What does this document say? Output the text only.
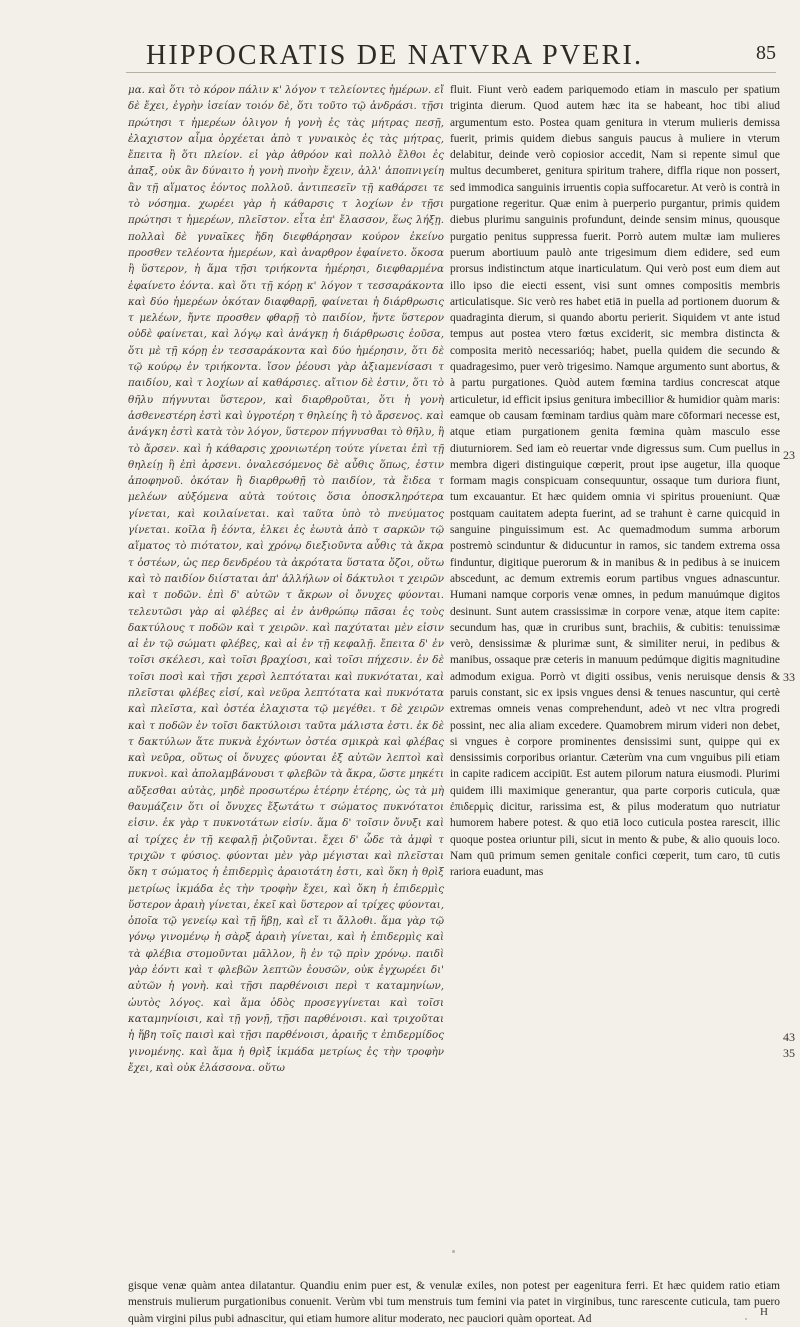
HIPPOCRATIS DE NATVRA PVERI.	85

μα. καὶ ὅτι τὸ κόρον πάλιν κ' λόγον τ τελείοντες ἡμέρων. εἴ δὲ ἔχει, ἐγρὴν ἱσείαν τοιόν δὲ, ὅτι τοῦτο τῷ ἀνδράσι. τῇσι πρώτησι τ ἡμερέων ὀλιγον ἡ γονὴ ἐς τὰς μήτρας πεσῇ, ἐλαχιστον αἷμα ὀρχέεται ἀπὸ τ γυναικὸς ἐς τὰς μήτρας, ἔπειτα ἢ ὅτι πλείον. εἰ γὰρ ἀθρόον καὶ πολλὸ ἔλθοι ἐς ἀπαξ, οὐκ ἂν δύναιτο ἡ γονὴ πνοὴν ἔχειν, ἀλλ' ἀποπνιγείη ἂν τῇ αἵματος ἐόντος πολλοῦ. ἀντιπεσεῖν τῇ καθάρσει τε τὸ νόσημα. χωρέει γὰρ ἡ κάθαρσις τ λοχίων ἐν τῇσι πρώτησι τ ἡμερέων, πλεῖστον. εἶτα ἐπ' ἔλασσον, ἕως λήξῃ. πολλαὶ δὲ γυναῖκες ἤδη διεφθάρησαν κούρον ἐκείνο προσθεν τελέοντα ἡμερέων, καὶ ἀναρθρον ἐφαίνετο. ὅκοσα ἢ ὕστερον, ἡ ἅμα τῇσι τριήκοντα ἡμέρησι, διεφθαρμένα ἐφαίνετο ἐόντα. καὶ ὅτι τῇ κόρῃ κ' λόγον τ τεσσαράκοντα καὶ δύο ἡμερέων ὁκόταν διαφθαρῇ, φαίνεται ἡ διάρθρωσις τ μελέων, ἤντε προσθεν φθαρῇ τὸ παιδίον, ἤντε ὕστερον οὐδὲ φαίνεται, καὶ λόγῳ καὶ ἀνάγκῃ ἡ διάρθρωσις ἐοῦσα, ὅτι μὲ τῇ κόρῃ ἐν τεσσαράκοντα καὶ δύο ἡμέρησιν, ὅτι δὲ τῷ κούρῳ ἐν τριήκοντα. ἴσον ῥέουσι γὰρ ἀξιαμενίσασι τ παιδίου, καὶ τ λοχίων αἱ καθάρσιες. αἴτιον δὲ ἐστιν, ὅτι τὸ θῆλυ πήγνυται ὕστερον, καὶ διαρθροῦται, ὅτι ἡ γονὴ ἀσθενεστέρη ἐστὶ καὶ ὑγροτέρη τ θηλείης ἢ τὸ ἄρσενος. καὶ ἀνάγκη ἐστὶ κατὰ τὸν λόγον, ὕστερον πήγνυσθαι τὸ θῆλυ, ἢ τὸ ἄρσεν. καὶ ἡ κάθαρσις χρονιωτέρη τούτε γίνεται ἐπὶ τῇ θηλείῃ ἢ ἐπὶ ἀρσενι. ὀναλεσόμενος δὲ αὖθις ὅπως, ἐστιν ἀποφηνοῦ. ὁκόταν ἢ διαρθρωθῇ τὸ παιδίον, τὰ ἔιδεα τ μελέων αὐξόμενα αὐτὰ τούτοις ὅσια ὁποσκληρότερα γίνεται, καὶ κοιλαίνεται. καὶ ταῦτα ὑπὸ τὸ πνεύματος γίνεται. κοῖλα ἢ ἐόντα, ἑλκει ἐς ἑωυτὰ ἀπὸ τ σαρκῶν τῷ αἵματος τὸ πιότατον, καὶ χρόνῳ διεξιοῦντα αὖθις τὰ ἄκρα τ ὀστέων, ὡς περ δενδρέου τὰ ἀκρότατα ὕστατα ὄζοι, οὕτω καὶ τὸ παιδίον διίσταται ἀπ' ἀλλήλων οἱ δάκτυλοι τ χειρῶν καὶ τ ποδῶν. ἐπὶ δ' αὐτῶν τ ἄκρων οἱ ὄνυχες φύονται. τελευτῶσι γὰρ αἱ φλέβες αἱ ἐν ἀνθρώπῳ πᾶσαι ἐς τοὺς δακτύλους τ ποδῶν καὶ τ χειρῶν. καὶ παχύταται μὲν εἰσιν αἱ ἐν τῷ σώματι φλέβες, καὶ αἱ ἐν τῇ κεφαλῇ. ἔπειτα δ' ἐν τοῖσι σκέλεσι, καὶ τοῖσι βραχίοσι, καὶ τοῖσι πήχεσιν. ἐν δὲ τοῖσι ποσὶ καὶ τῇσι χερσὶ λεπτόταται καὶ πυκνόταται, καὶ πλεῖσται φλέβες εἰσί, καὶ νεῦρα λεπτότατα καὶ πυκνότατα καὶ πλεῖστα, καὶ ὀστέα ἐλαχιστα τῷ μεγέθει. τ δὲ χειρῶν καὶ τ ποδῶν ἐν τοῖσι δακτύλοισι ταῦτα μάλιστα ἐστι. ἐκ δὲ τ δακτύλων ἅτε πυκνὰ ἐχόντων ὀστέα σμικρὰ καὶ φλέβας καὶ νεῦρα, οὕτως οἱ ὄνυχες φύονται ἐξ αὐτῶν λεπτοὶ καὶ πυκνοὶ. καὶ ἀπολαμβάνουσι τ φλεβῶν τὰ ἄκρα, ὥστε μηκέτι αὔξεσθαι αὐτὰς, μηδὲ προσωτέρω ἑτέρην ἑτέρης, ὡς τὰ μὴ θαυμάζειν ὅτι οἱ ὄνυχες ἔξωτάτω τ σώματος πυκνότατοι εἰσιν. ἐκ γὰρ τ πυκνοτάτων εἰσίν. ἅμα δ' τοῖσιν ὄνυξι καὶ αἱ τρίχες ἐν τῇ κεφαλῇ ῥιζοῦνται. ἔχει δ' ὧδε τὰ ἀμφὶ τ τριχῶν τ φύσιος. φύονται μὲν γὰρ μέγισται καὶ πλεῖσται ὅκη τ σώματος ἡ ἐπιδερμὶς ἀραιοτάτη ἐστι, καὶ ὅκη ἡ θρὶξ μετρίως ἱκμάδα ἐς τὴν τροφὴν ἔχει, καὶ ὅκη ἡ ἐπιδερμὶς ὕστερον ἀραιὴ γίνεται, ἐκεῖ καὶ ὕστερον αἱ τρίχες φύονται, ὁποῖα τῷ γενείῳ καὶ τῇ ἥβῃ, καὶ εἴ τι ἄλλοθι. ἅμα γὰρ τῷ γόνῳ γινομένῳ ἡ σὰρξ ἀραιὴ γίνεται, καὶ ἡ ἐπιδερμὶς καὶ τὰ φλέβια στομοῦνται μᾶλλον, ἢ ἐν τῷ πρὶν χρόνῳ. παιδὶ γὰρ ἐόντι καὶ τ φλεβῶν λεπτῶν ἐουσῶν, οὐκ ἐγχωρέει δι' αὐτῶν ἡ γονὴ. καὶ τῇσι παρθένοισι περὶ τ καταμηνίων, ὡυτὸς λόγος. καὶ ἅμα ὁδὸς προσεγγίνεται καὶ τοῖσι καταμηνίοισι, καὶ τῇ γονῇ, τῇσι παρθένοισι. καὶ τριχοῦται ἡ ἥβη τοῖς παισὶ καὶ τῇσι παρθένοισι, ἀραιῆς τ ἐπιδερμίδος γινομένης. καὶ ἅμα ἡ θρὶξ ἱκμάδα μετρίως ἐς τὴν τροφὴν ἔχει, καὶ οὐκ ἐλάσσονα. οὕτω

fluit. Fiunt verò eadem pariquemodo etiam in masculo per spatium triginta dierum. Quod autem hæc ita se habeant, hoc tibi aliud argumentum esto. Postea quam genitura in vterum mulieris demissa fuerit, primis quidem diebus sanguis paucus à muliere in vterum delabitur, deinde verò copiosior accedit, Nam si repente simul que multus decumberet, genitura spiritum trahere, diffla rique non possert, sed immodica sanguinis irruentis copia suffocaretur. At verò is contrà in purgatione regeritur. Quæ enim à puerperio purgantur, primis quidem diebus plurimu sanguinis profundunt, deinde sensim minus, quousque purgatio penitus suppressa fuerit. Porrò autem multæ iam mulieres puerum abortiuum paulò ante trigesimum diem edidere, sed eum prorsus indistinctum atque inarticulatum. Qui verò post eum diem aut illo ipso die eiecti essent, visi sunt omnes compositis membris articulatisque. Sic verò res habet etiā in puella ad portionem duorum & quadraginta dierum, si quando abortu perierit. Siquidem vt ante istud tempus aut postea vtero fœtus exciderit, sic membra distincta & composita meritò necessarióq; habet, puella quidem die secundo & quadragesimo, puer verò trigesimo. Namque argumento sunt abortus, & à partu purgationes. Quòd autem fœmina tardius concrescat atque articuletur, id efficit ipsius genitura imbecillior & humidior quàm maris: eamque ob causam fœminam tardius quàm mare cōformari necesse est, atque etiam purgationem genita fœmina quàm masculo esse diuturniorem. Sed iam eò reuertar vnde digressus sum. Cum puellus in membra digeri distinguique cœperit, prout ipse augetur, illa quoque formam magis conspicuam consequuntur, ossaque tum duriora fiunt, tum excauantur. Et hæc quidem omnia vi spiritus proueniunt. Quæ postquam cauitatem adepta fuerint, ad se trahunt è carne quicquid in sanguine pinguissimum est. Ac quemadmodum summa arborum postremò scinduntur & diducuntur in ramos, sic tandem extrema ossa finduntur, digitique puerorum & in manibus & in pedibus à se inuicem abscedunt, ac demum extremis eorum partibus vngues adnascuntur. Humani namque corporis venæ omnes, in pedum manuúmque digitos desinunt. Sunt autem crassissimæ in corpore venæ, atque item capite: secundum has, quæ in cruribus sunt, brachiis, & cubitis: tenuissimæ verò, densissimæ & plurimæ sunt, & similiter nerui, in pedibus & manibus, ossaque præ ceteris in manuum pedúmque digitis magnitudine admodum exigua. Porrò vt digiti ossibus, venis neruisque densis & paruis constant, sic ex ipsis vngues densi & tenues nascuntur, qui certè extremas omneis venas comprehendunt, adeò vt nec vltra progredi possint, nec alia aliam excedere. Quamobrem mirum videri non debet, si vngues è corpore prominentes densissimi sunt, quippe qui ex densissimis corporibus oriantur. Cæterùm vna cum vnguibus pili etiam in capite radicem accipiūt. Est autem pilorum natura eiusmodi. Plurimi quidem illi maximique generantur, qua parte corporis cuticula, quæ ἐπιδερμὶς dicitur, rarissima est, & pilus moderatum quo nutriatur humorem habere potest. & quo etiā loco cuticula postea rarescit, illic quoque postea oriuntur pili, sicut in mento & pube, & alio quouis loco. Nam quū primum semen genitale confici cœperit, tum caro, tū cutis rariora euadunt, mas

gisque venæ quàm antea dilatantur. Quandiu enim puer est, & venulæ exiles, non potest per eagenitura ferri. Et hæc quidem ratio etiam menstruis mulierum purgationibus conuenit. Verùm vbi tum menstruis tum femini via patet in virginibus, tunc rarescente cuticula, tam puero quàm virgini pilus pubi adnascitur, qui etiam humore alitur moderato, nec pauciori quàm oporteat. Ad

23
33
43
35
H
